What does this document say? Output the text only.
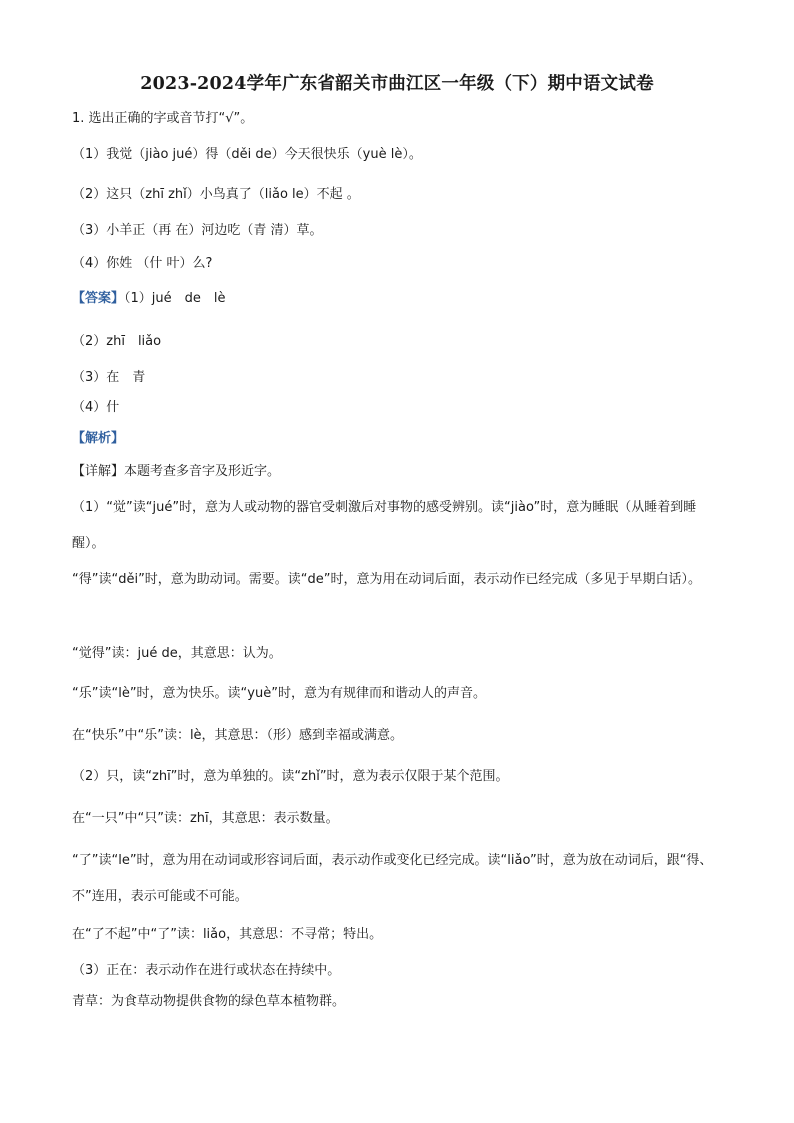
2023-2024学年广东省韶关市曲江区一年级（下）期中语文试卷
1. 选出正确的字或音节打“√”。
（1）我觉（jiào jué）得（děi de）今天很快乐（yuè lè）。
（2）这只（zhī zhǐ）小鸟真了（liǎo le）不起 。
（3）小羊正（再 在）河边吃（青 清）草。
（4）你姓 （什 叶）么?
【答案】（1）jué　de　lè
（2）zhī　liǎo
（3）在　青
（4）什
【解析】
【详解】本题考查多音字及形近字。
（1）“觉”读“jué”时，意为人或动物的器官受刺激后对事物的感受辨别。读“jiào”时，意为睡眠（从睡着到睡醒）。
“得”读“děi”时，意为助动词。需要。读“de”时，意为用在动词后面，表示动作已经完成（多见于早期白话）。
“觉得”读：jué de，其意思：认为。
“乐”读“lè”时，意为快乐。读“yuè”时，意为有规律而和谐动人的声音。
在“快乐”中“乐”读：lè，其意思：（形）感到幸福或满意。
（2）只，读“zhī”时，意为单独的。读“zhǐ”时，意为表示仅限于某个范围。
在“一只”中“只”读：zhī，其意思：表示数量。
“了”读“le”时，意为用在动词或形容词后面，表示动作或变化已经完成。读“liǎo”时，意为放在动词后，跟“得、不”连用，表示可能或不可能。
在“了不起”中“了”读：liǎo，其意思：不寻常；特出。
（3）正在：表示动作在进行或状态在持续中。
青草：为食草动物提供食物的绿色草本植物群。
